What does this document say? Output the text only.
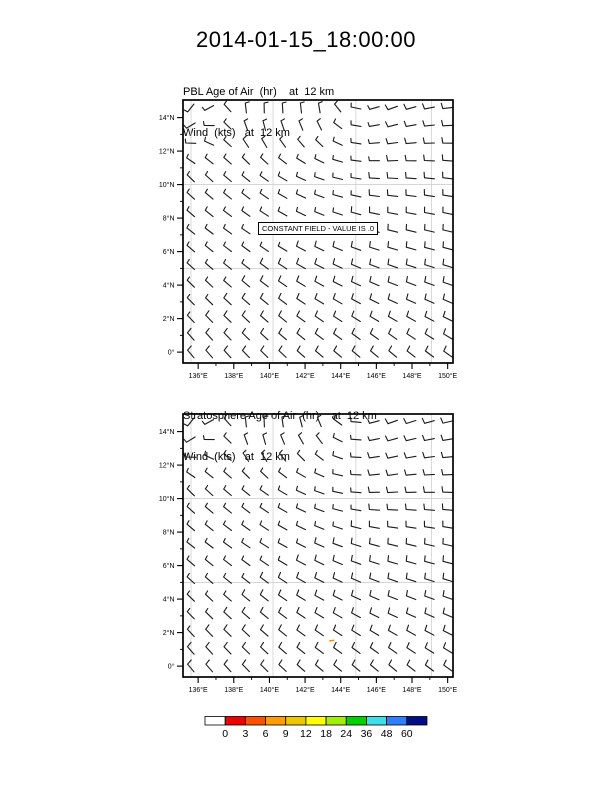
2014-01-15_18:00:00

PBL Age of Air  (hr)    at  12 km

Wind  (kts)   at  12 km

Stratosphere Age of Air  (hr)    at  12 km

Wind  (kts)   at  12 km

0°
2°N
4°N
6°N
8°N
10°N
12°N
14°N
136°E 138°E 140°E 142°E 144°E 146°E 148°E 150°E
0°
2°N
4°N
6°N
8°N
10°N
12°N
14°N
136°E 138°E 140°E 142°E 144°E 146°E 148°E 150°E
0 3 6 9 12 18 24 36 48 60
CONSTANT FIELD - VALUE IS .0
